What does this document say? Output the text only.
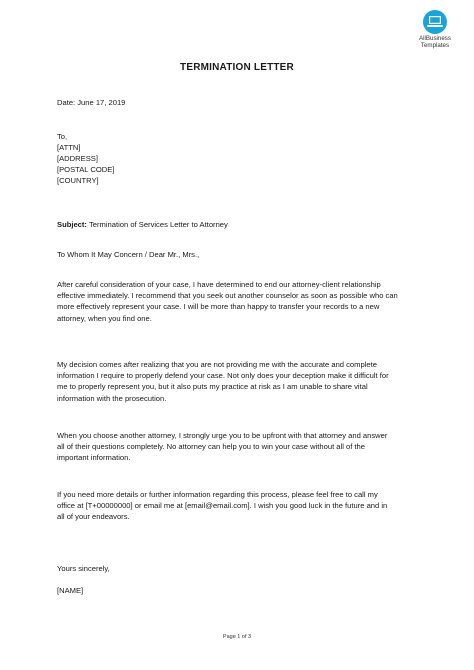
AllBusiness
Templates
TERMINATION LETTER
Date: June 17, 2019
To,
[ATTN]
[ADDRESS]
[POSTAL CODE]
[COUNTRY]
Subject: Termination of Services Letter to Attorney
To Whom It May Concern / Dear Mr., Mrs.,
After careful consideration of your case, I have determined to end our attorney-client relationship
effective immediately. I recommend that you seek out another counselor as soon as possible who can
more effectively represent your case. I will be more than happy to transfer your records to a new
attorney, when you find one.
My decision comes after realizing that you are not providing me with the accurate and complete
information I require to properly defend your case. Not only does your deception make it difficult for
me to properly represent you, but it also puts my practice at risk as I am unable to share vital
information with the prosecution.
When you choose another attorney, I strongly urge you to be upfront with that attorney and answer
all of their questions completely. No attorney can help you to win your case without all of the
important information.
If you need more details or further information regarding this process, please feel free to call my
office at [T+00000000] or email me at [email@email.com]. I wish you good luck in the future and in
all of your endeavors.
Yours sincerely,
[NAME]
Page 1 of 3
